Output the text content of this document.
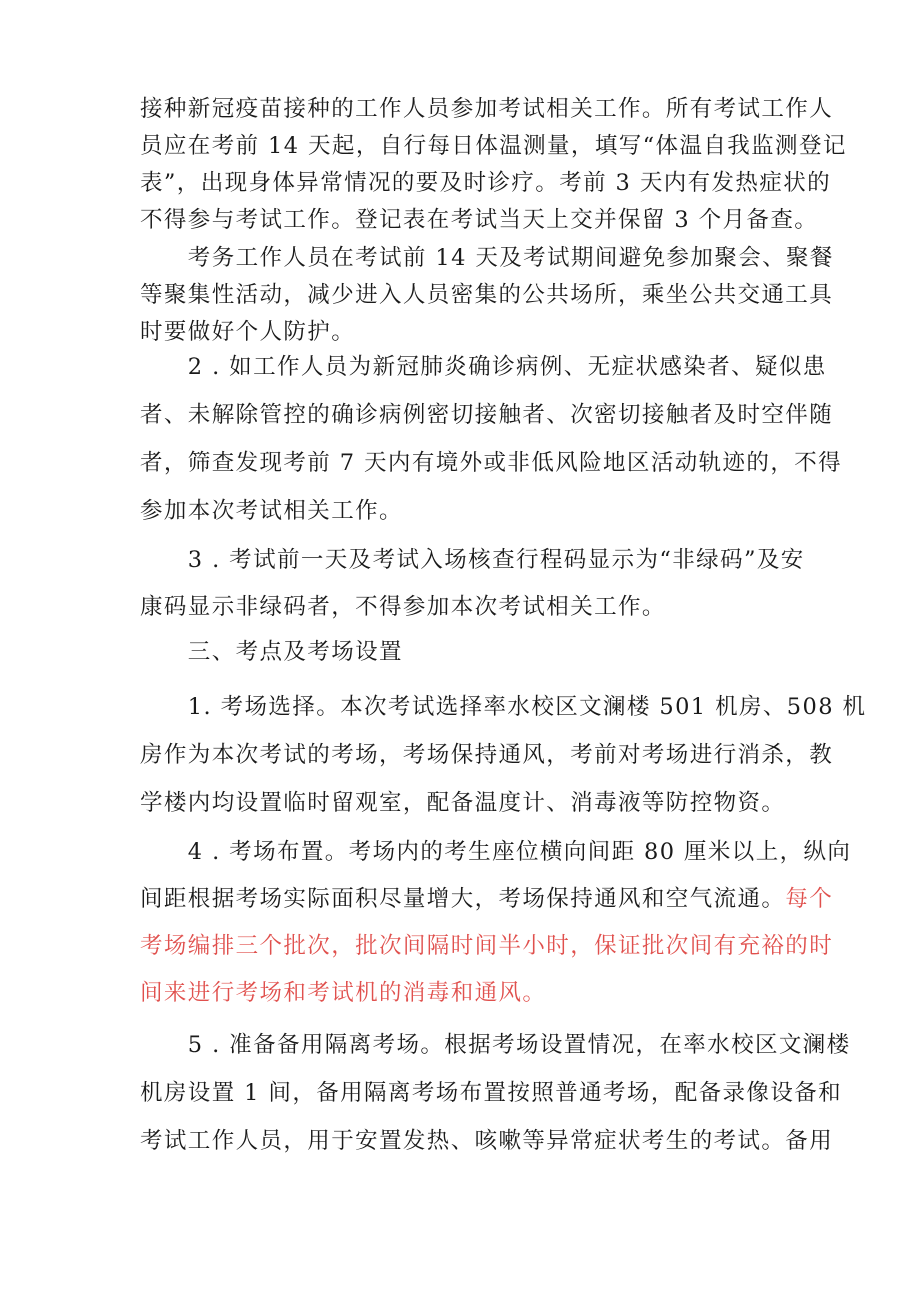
接种新冠疫苗接种的工作人员参加考试相关工作。所有考试工作人
员应在考前 14 天起，自行每日体温测量，填写“体温自我监测登记
表”，出现身体异常情况的要及时诊疗。考前 3 天内有发热症状的
不得参与考试工作。登记表在考试当天上交并保留 3 个月备查。
　　考务工作人员在考试前 14 天及考试期间避免参加聚会、聚餐
等聚集性活动，减少进入人员密集的公共场所，乘坐公共交通工具
时要做好个人防护。
　　2 . 如工作人员为新冠肺炎确诊病例、无症状感染者、疑似患
者、未解除管控的确诊病例密切接触者、次密切接触者及时空伴随
者，筛查发现考前 7 天内有境外或非低风险地区活动轨迹的，不得
参加本次考试相关工作。
　　3 . 考试前一天及考试入场核查行程码显示为“非绿码”及安
康码显示非绿码者，不得参加本次考试相关工作。
　　三、考点及考场设置
　　1. 考场选择。本次考试选择率水校区文澜楼 501 机房、508 机
房作为本次考试的考场，考场保持通风，考前对考场进行消杀，教
学楼内均设置临时留观室，配备温度计、消毒液等防控物资。
　　4 . 考场布置。考场内的考生座位横向间距 80 厘米以上，纵向
间距根据考场实际面积尽量增大，考场保持通风和空气流通。每个
考场编排三个批次，批次间隔时间半小时，保证批次间有充裕的时
间来进行考场和考试机的消毒和通风。
　　5 . 准备备用隔离考场。根据考场设置情况，在率水校区文澜楼
机房设置 1 间，备用隔离考场布置按照普通考场，配备录像设备和
考试工作人员，用于安置发热、咳嗽等异常症状考生的考试。备用
